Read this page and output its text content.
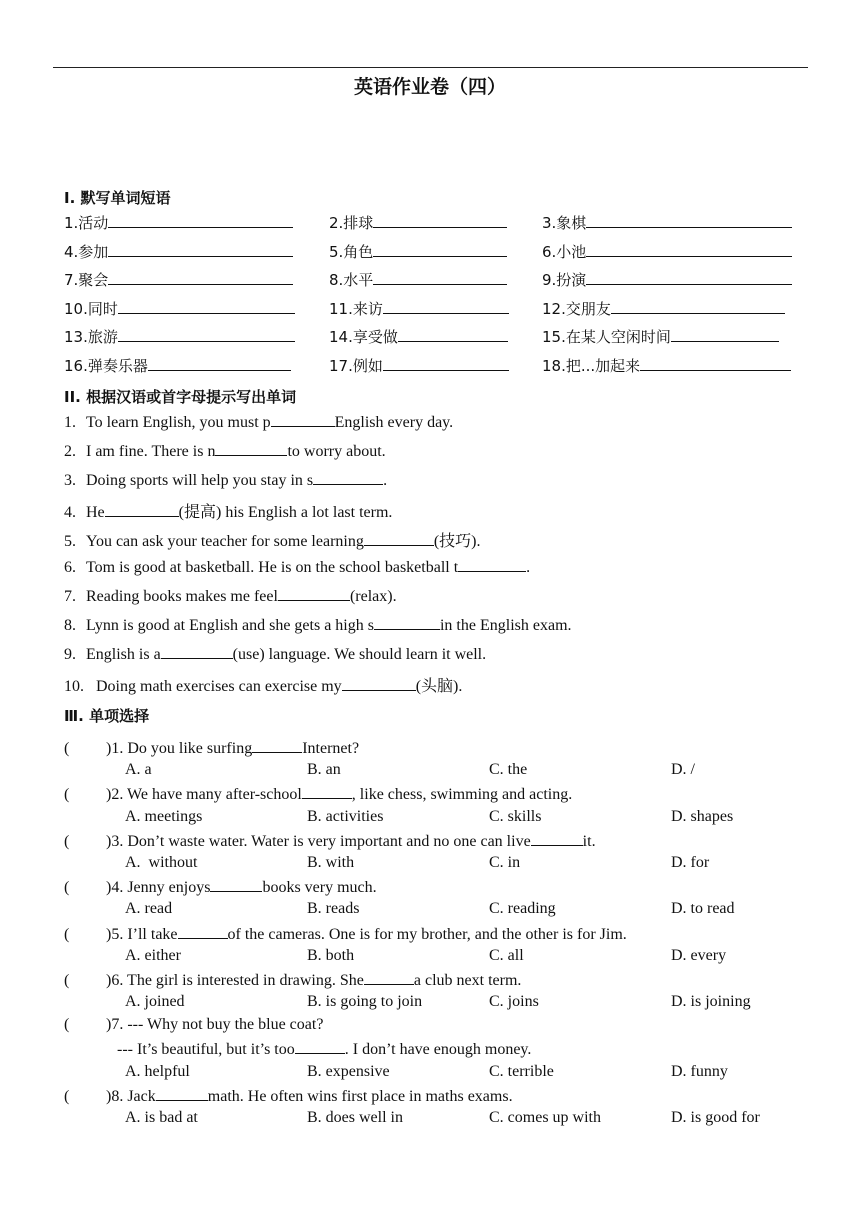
英语作业卷（四）
I. 默写单词短语
1.活动	2.排球	3.象棋
4.参加	5.角色	6.小池
7.聚会	8.水平	9.扮演
10.同时	11.来访	12.交朋友
13.旅游	14.享受做	15.在某人空闲时间
16.弹奏乐器	17.例如	18.把...加起来
II. 根据汉语或首字母提示写出单词
1. To learn English, you must p	English every day.
2. I am fine. There is n	to worry about.
3. Doing sports will help you stay in s	.
4. He	(提高) his English a lot last term.
5. You can ask your teacher for some learning	(技巧).
6. Tom is good at basketball. He is on the school basketball t	.
7. Reading books makes me feel	(relax).
8. Lynn is good at English and she gets a high s	in the English exam.
9. English is a	(use) language. We should learn it well.
10. Doing math exercises can exercise my	(头脑).
Ⅲ. 单项选择
( )1. Do you like surfing	Internet?
A. a	B. an	C. the	D. /
( )2. We have many after-school	, like chess, swimming and acting.
A. meetings	B. activities	C. skills	D. shapes
( )3. Don’t waste water. Water is very important and no one can live	it.
A.  without	B. with	C. in	D. for
( )4. Jenny enjoys	books very much.
A. read	B. reads	C. reading	D. to read
( )5. I’ll take	of the cameras. One is for my brother, and the other is for Jim.
A. either	B. both	C. all	D. every
( )6. The girl is interested in drawing. She	a club next term.
A. joined	B. is going to join	C. joins	D. is joining
( )7. --- Why not buy the blue coat?
--- It’s beautiful, but it’s too	. I don’t have enough money.
A. helpful	B. expensive	C. terrible	D. funny
( )8. Jack	math. He often wins first place in maths exams.
A. is bad at	B. does well in	C. comes up with	D. is good for
